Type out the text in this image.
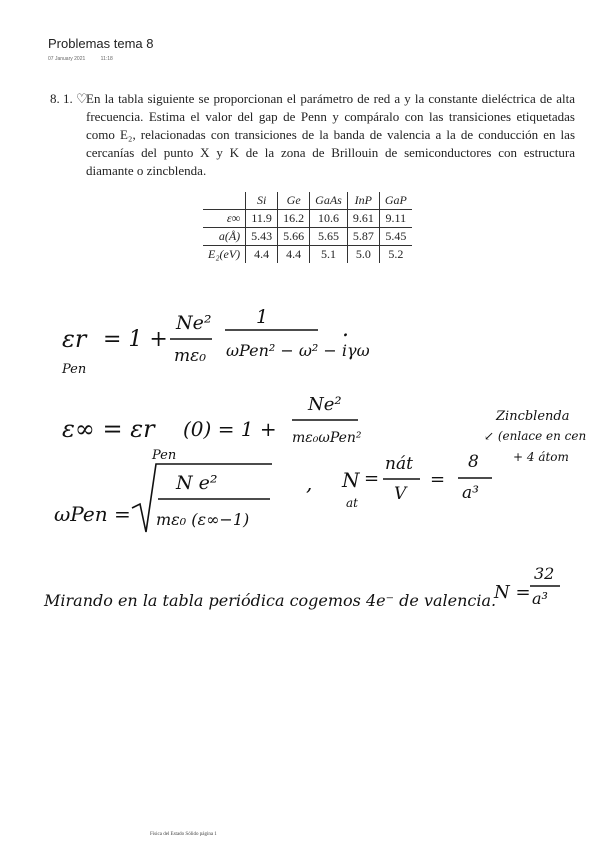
Problemas tema 8
07 January 2021	11:18
8. 1. ♡
En la tabla siguiente se proporcionan el parámetro de red a y la constante dieléctrica de alta frecuencia. Estima el valor del gap de Penn y compáralo con las transiciones etiquetadas como E₂, relacionadas con transiciones de la banda de valencia a la de conducción en las cercanías del punto X y K de la zona de Brillouin de semiconductores con estructura diamante o zincblenda.
	Si	Ge	GaAs	InP	GaP
ε∞	11.9	16.2	10.6	9.61	9.11
a(Å)	5.43	5.66	5.65	5.87	5.45
E₂(eV)	4.4	4.4	5.1	5.0	5.2
εr
Pen
= 1 +
Ne²
mε₀
1
ωPen² − ω² − iγω
.
ε∞ = εr
Pen
(0) = 1 +
Ne²
mε₀ωPen²
Zincblenda
↙ (enlace en cen
+ 4 átom
ωPen =
N e²
mε₀ (ε∞−1)
, N
at
=
nát
V
=
8
a³
Mirando en la tabla periódica cogemos 4e⁻ de valencia.
N =
32
a³
Física del Estado Sólido página 1
